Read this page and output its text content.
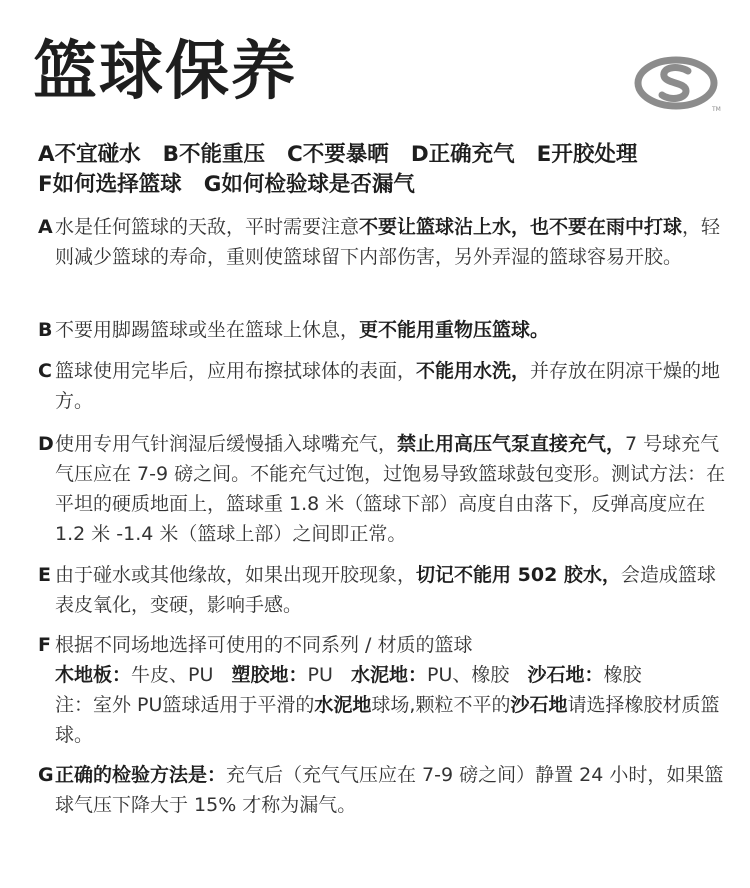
篮球保养
TM
A不宜碰水 B不能重压 C不要暴晒 D正确充气 E开胶处理
F如何选择篮球 G如何检验球是否漏气
A 水是任何篮球的天敌，平时需要注意不要让篮球沾上水，也不要在雨中打球，轻则减少篮球的寿命，重则使篮球留下内部伤害，另外弄湿的篮球容易开胶。
B 不要用脚踢篮球或坐在篮球上休息，更不能用重物压篮球。
C 篮球使用完毕后，应用布擦拭球体的表面，不能用水洗，并存放在阴凉干燥的地方。
D 使用专用气针润湿后缓慢插入球嘴充气，禁止用高压气泵直接充气，7 号球充气气压应在 7-9 磅之间。不能充气过饱，过饱易导致篮球鼓包变形。测试方法：在平坦的硬质地面上，篮球重 1.8 米（篮球下部）高度自由落下，反弹高度应在 1.2 米 -1.4 米（篮球上部）之间即正常。
E 由于碰水或其他缘故，如果出现开胶现象，切记不能用 502 胶水，会造成篮球表皮氧化，变硬，影响手感。
F 根据不同场地选择可使用的不同系列 / 材质的篮球
木地板：牛皮、PU 塑胶地：PU 水泥地：PU、橡胶 沙石地：橡胶
注：室外 PU篮球适用于平滑的水泥地球场,颗粒不平的沙石地请选择橡胶材质篮球。
G 正确的检验方法是：充气后（充气气压应在 7-9 磅之间）静置 24 小时，如果篮球气压下降大于 15% 才称为漏气。
